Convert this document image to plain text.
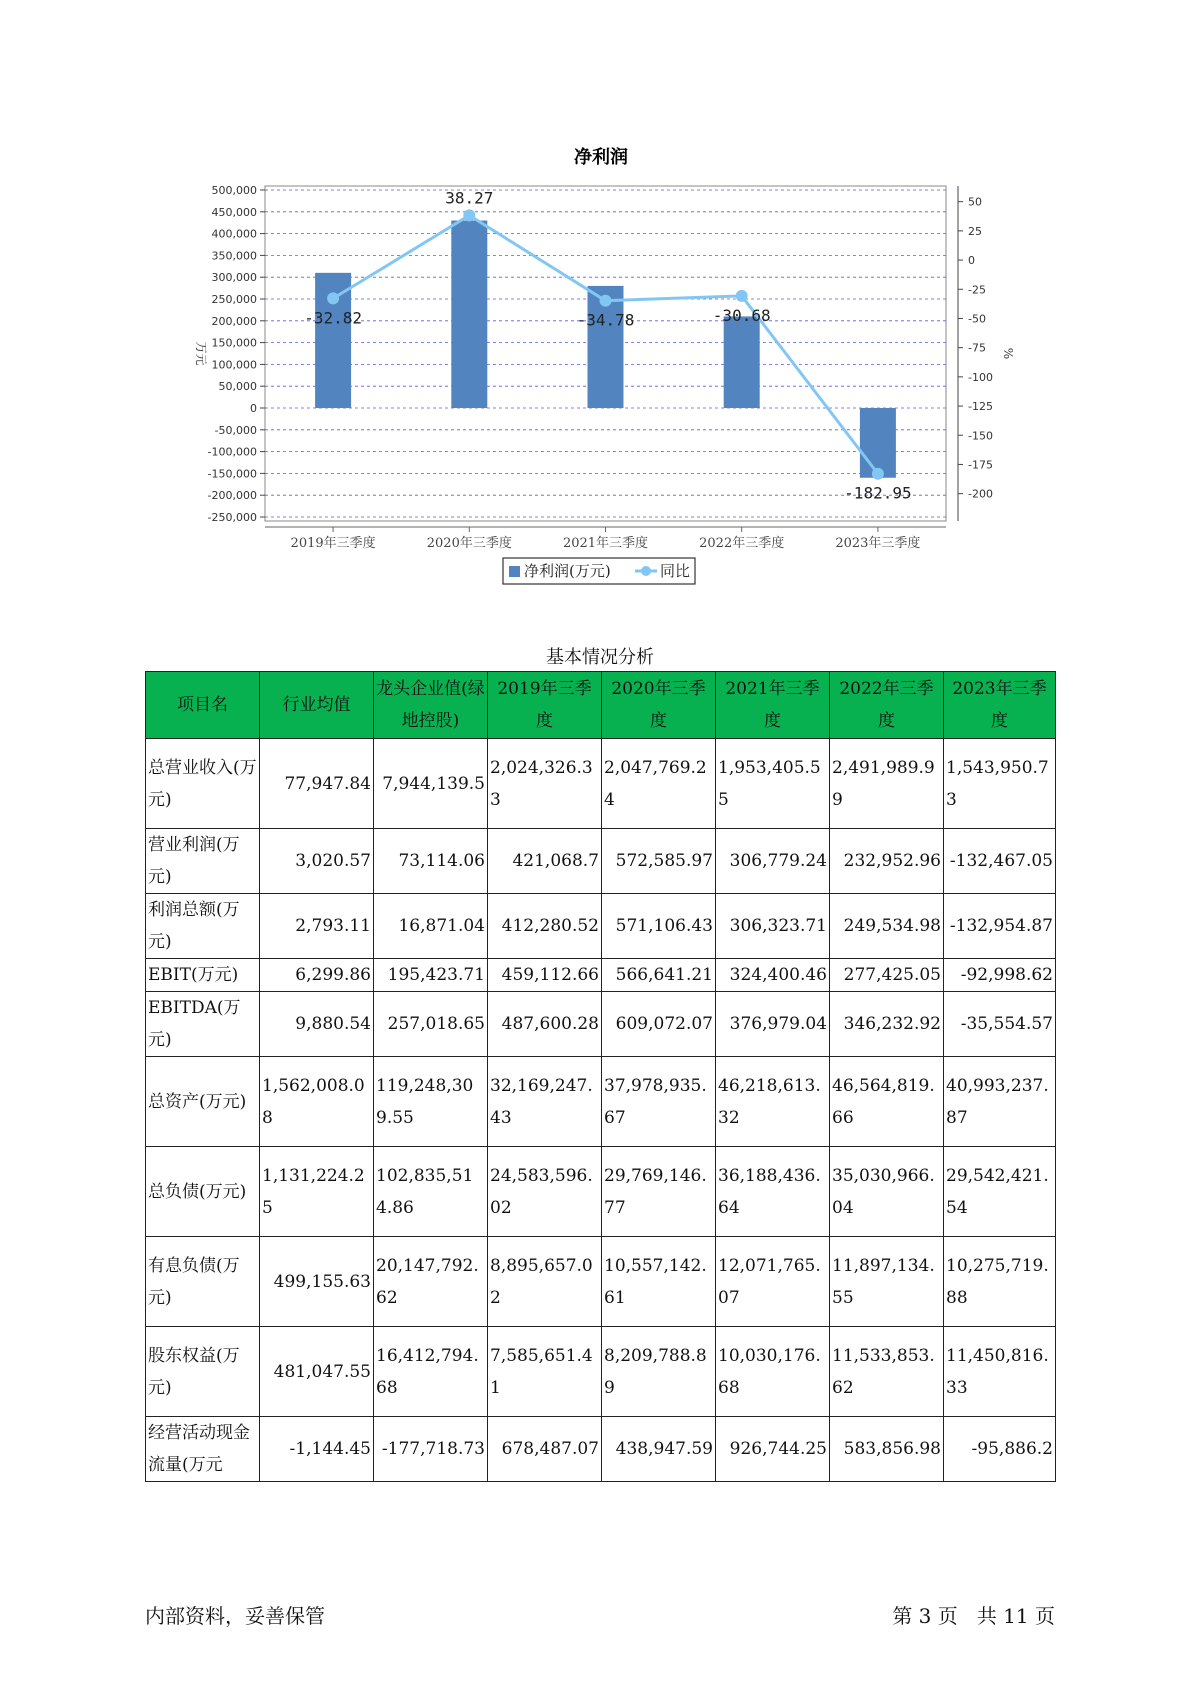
净利润
500,000
450,000
400,000
350,000
300,000
250,000
200,000
150,000
100,000
50,000
0
-50,000
-100,000
-150,000
-200,000
-250,000
50
25
0
-25
-50
-75
-100
-125
-150
-175
-200
万元	%
2019年三季度	2020年三季度	2021年三季度	2022年三季度	2023年三季度
-32.82
38.27
-34.78	-30.68
-182.95
净利润(万元)	同比
基本情况分析
项目名	行业均值	龙头企业值(绿地控股)	2019年三季度	2020年三季度	2021年三季度	2022年三季度	2023年三季度
总营业收入(万元)	77,947.84	7,944,139.5	2,024,326.33	2,047,769.24	1,953,405.55	2,491,989.99	1,543,950.73
营业利润(万元)	3,020.57	73,114.06	421,068.7	572,585.97	306,779.24	232,952.96	-132,467.05
利润总额(万元)	2,793.11	16,871.04	412,280.52	571,106.43	306,323.71	249,534.98	-132,954.87
EBIT(万元)	6,299.86	195,423.71	459,112.66	566,641.21	324,400.46	277,425.05	-92,998.62
EBITDA(万元)	9,880.54	257,018.65	487,600.28	609,072.07	376,979.04	346,232.92	-35,554.57
总资产(万元)	1,562,008.08	119,248,309.55	32,169,247.43	37,978,935.67	46,218,613.32	46,564,819.66	40,993,237.87
总负债(万元)	1,131,224.25	102,835,514.86	24,583,596.02	29,769,146.77	36,188,436.64	35,030,966.04	29,542,421.54
有息负债(万元)	499,155.63	20,147,792.62	8,895,657.02	10,557,142.61	12,071,765.07	11,897,134.55	10,275,719.88
股东权益(万元)	481,047.55	16,412,794.68	7,585,651.41	8,209,788.89	10,030,176.68	11,533,853.62	11,450,816.33
经营活动现金流量(万元	-1,144.45	-177,718.73	678,487.07	438,947.59	926,744.25	583,856.98	-95,886.2
内部资料，妥善保管	第 3 页   共 11 页
